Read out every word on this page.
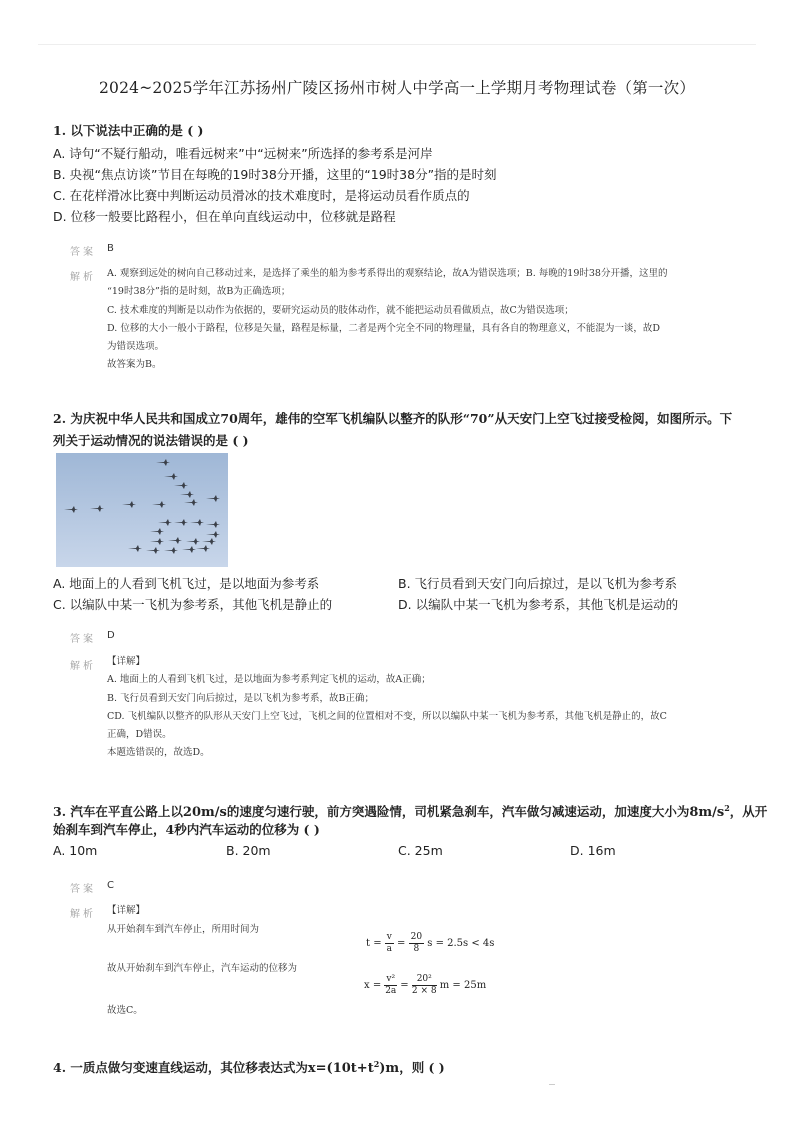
2024~2025学年江苏扬州广陵区扬州市树人中学高一上学期月考物理试卷（第一次）
1. 以下说法中正确的是 ( )
A. 诗句“不疑行船动，唯看远树来”中“远树来”所选择的参考系是河岸
B. 央视“焦点访谈”节目在每晚的19时38分开播，这里的“19时38分”指的是时刻
C. 在花样滑冰比赛中判断运动员滑冰的技术难度时，是将运动员看作质点的
D. 位移一般要比路程小，但在单向直线运动中，位移就是路程
答案 B
解析 A. 观察到远处的树向自己移动过来，是选择了乘坐的船为参考系得出的观察结论，故A为错误选项；B. 每晚的19时38分开播，这里的
“19时38分”指的是时刻，故B为正确选项；
C. 技术难度的判断是以动作为依据的，要研究运动员的肢体动作，就不能把运动员看做质点，故C为错误选项；
D. 位移的大小一般小于路程，位移是矢量，路程是标量，二者是两个完全不同的物理量，具有各自的物理意义，不能混为一谈，故D
为错误选项。
故答案为B。
2. 为庆祝中华人民共和国成立70周年，雄伟的空军飞机编队以整齐的队形“70”从天安门上空飞过接受检阅，如图所示。下列关于运动情况的说法错误的是 ( )
A. 地面上的人看到飞机飞过，是以地面为参考系	B. 飞行员看到天安门向后掠过，是以飞机为参考系
C. 以编队中某一飞机为参考系，其他飞机是静止的	D. 以编队中某一飞机为参考系，其他飞机是运动的
答案 D
解析 【详解】
A. 地面上的人看到飞机飞过，是以地面为参考系判定飞机的运动，故A正确；
B. 飞行员看到天安门向后掠过，是以飞机为参考系，故B正确；
CD. 飞机编队以整齐的队形从天安门上空飞过，飞机之间的位置相对不变，所以以编队中某一飞机为参考系，其他飞机是静止的，故C
正确，D错误。
本题选错误的，故选D。
3. 汽车在平直公路上以20m/s的速度匀速行驶，前方突遇险情，司机紧急刹车，汽车做匀减速运动，加速度大小为$8m/s^2$，从开
始刹车到汽车停止，4秒内汽车运动的位移为 ( )
A. 10m	B. 20m	C. 25m	D. 16m
答案 C
解析 【详解】
从开始刹车到汽车停止，所用时间为
$t = \frac{v}{a} = \frac{20}{8}$ s = 2.5s < 4s
故从开始刹车到汽车停止，汽车运动的位移为
$x = \frac{\text{v²}}{2a} = \frac{\text{20²}}{2 \times 8}$ m = 25m
故选C。
4. 一质点做匀变速直线运动，其位移表达式为$x=(10t+t^2)m$，则 ( )
